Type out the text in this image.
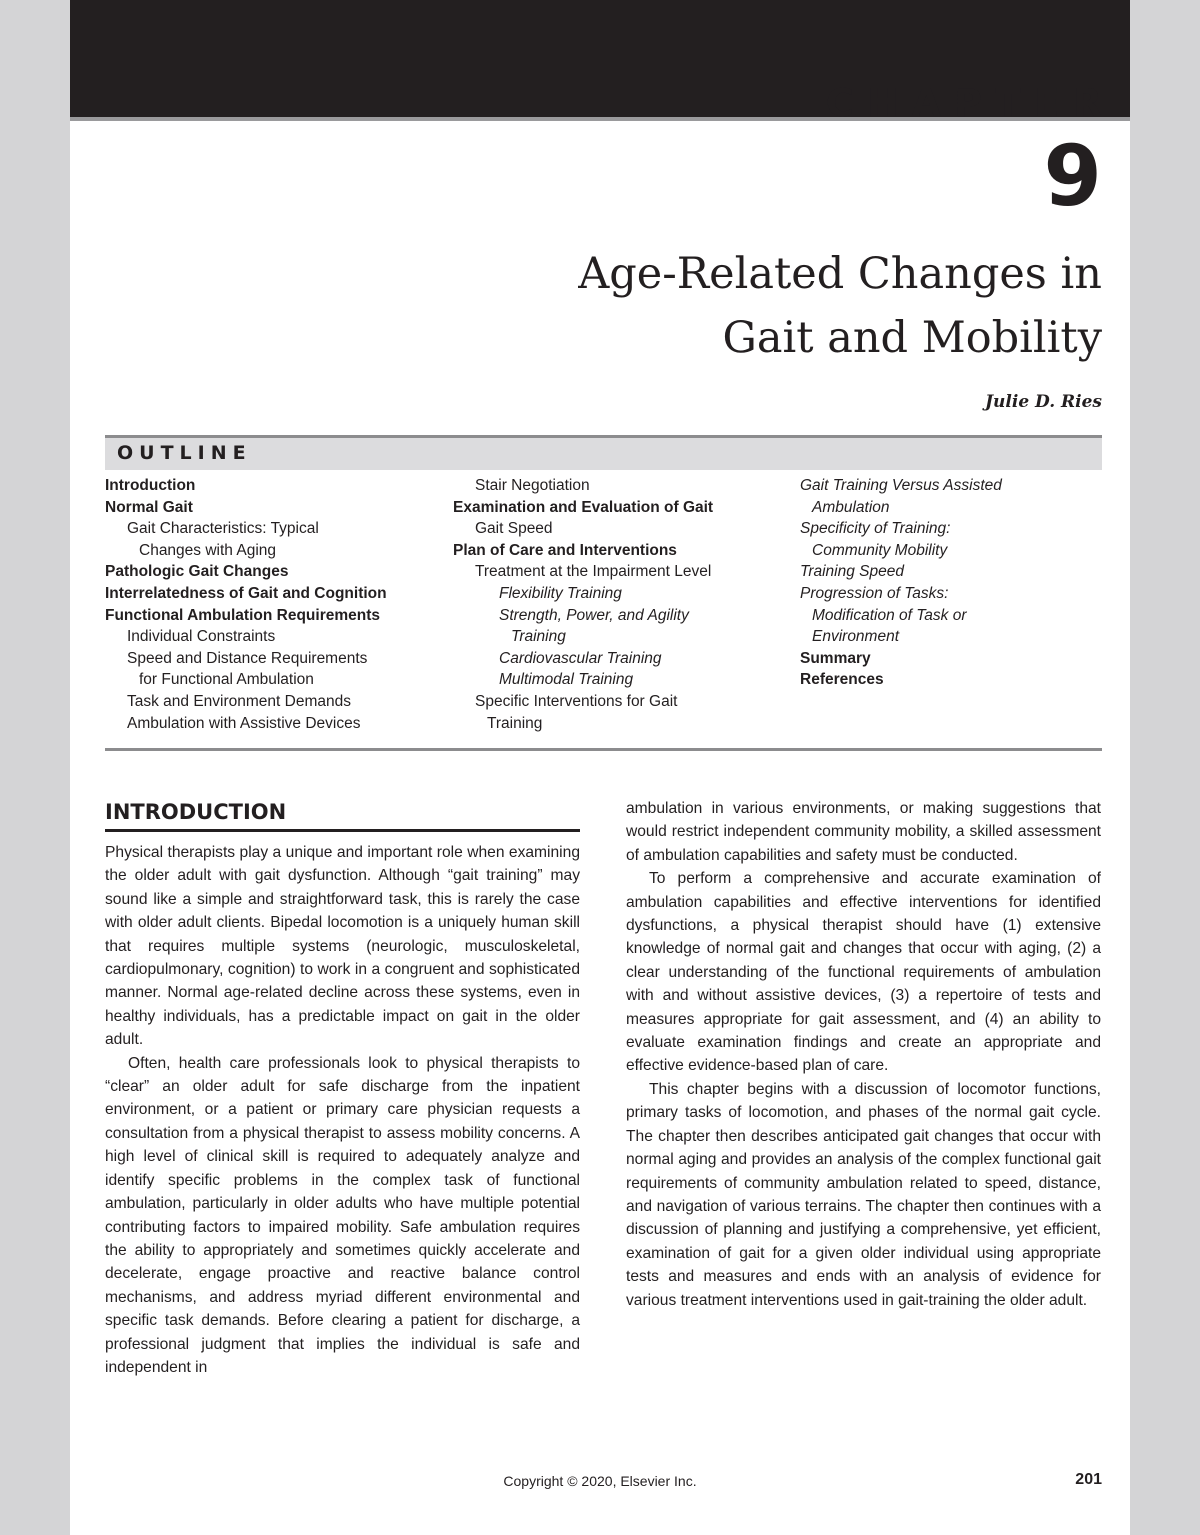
CHAPTER
9
Age-Related Changes in
Gait and Mobility
Julie D. Ries
OUTLINE
Introduction
Normal Gait
Gait Characteristics: Typical
Changes with Aging
Pathologic Gait Changes
Interrelatedness of Gait and Cognition
Functional Ambulation Requirements
Individual Constraints
Speed and Distance Requirements
for Functional Ambulation
Task and Environment Demands
Ambulation with Assistive Devices
Stair Negotiation
Examination and Evaluation of Gait
Gait Speed
Plan of Care and Interventions
Treatment at the Impairment Level
Flexibility Training
Strength, Power, and Agility
Training
Cardiovascular Training
Multimodal Training
Specific Interventions for Gait
Training
Gait Training Versus Assisted
Ambulation
Specificity of Training:
Community Mobility
Training Speed
Progression of Tasks:
Modification of Task or
Environment
Summary
References
INTRODUCTION

Physical therapists play a unique and important role when examining the older adult with gait dysfunction. Although “gait training” may sound like a simple and straightforward task, this is rarely the case with older adult clients. Bipedal locomotion is a uniquely human skill that requires multiple systems (neurologic, musculoskeletal, cardiopulmonary, cognition) to work in a congruent and sophisticated manner. Normal age-related decline across these systems, even in healthy individuals, has a predictable impact on gait in the older adult.

Often, health care professionals look to physical therapists to “clear” an older adult for safe discharge from the inpatient environment, or a patient or primary care physician requests a consultation from a physical therapist to assess mobility concerns. A high level of clinical skill is required to adequately analyze and identify specific problems in the complex task of functional ambulation, particularly in older adults who have multiple potential contributing factors to impaired mobility. Safe ambulation requires the ability to appropriately and sometimes quickly accelerate and decelerate, engage proactive and reactive balance control mechanisms, and address myriad different environmental and specific task demands. Before clearing a patient for discharge, a professional judgment that implies the individual is safe and independent in

ambulation in various environments, or making suggestions that would restrict independent community mobility, a skilled assessment of ambulation capabilities and safety must be conducted.

To perform a comprehensive and accurate examination of ambulation capabilities and effective interventions for identified dysfunctions, a physical therapist should have (1) extensive knowledge of normal gait and changes that occur with aging, (2) a clear understanding of the functional requirements of ambulation with and without assistive devices, (3) a repertoire of tests and measures appropriate for gait assessment, and (4) an ability to evaluate examination findings and create an appropriate and effective evidence-based plan of care.

This chapter begins with a discussion of locomotor functions, primary tasks of locomotion, and phases of the normal gait cycle. The chapter then describes anticipated gait changes that occur with normal aging and provides an analysis of the complex functional gait requirements of community ambulation related to speed, distance, and navigation of various terrains. The chapter then continues with a discussion of planning and justifying a comprehensive, yet efficient, examination of gait for a given older individual using appropriate tests and measures and ends with an analysis of evidence for various treatment interventions used in gait-training the older adult.

Copyright © 2020, Elsevier Inc.	201
